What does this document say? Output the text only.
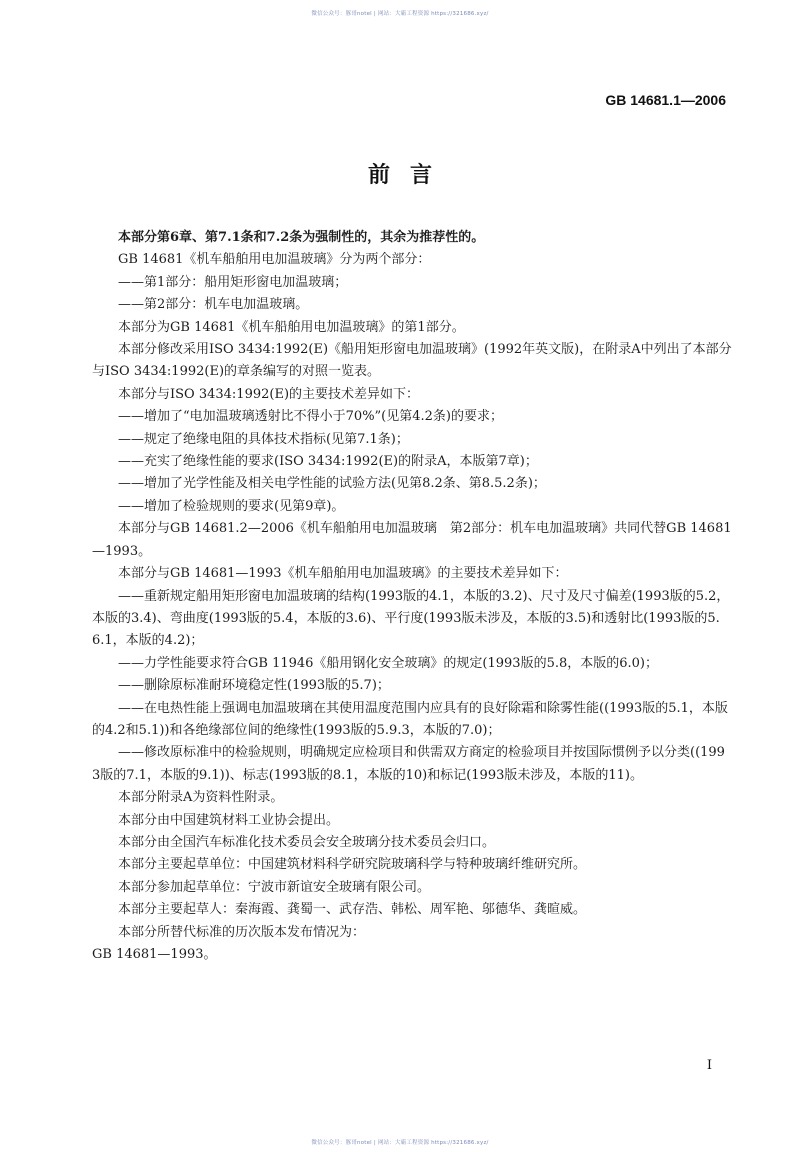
微信公众号：豚哥notel | 网站：大霸工程资源 https://321686.xyz/
GB 14681.1—2006
前言

本部分第6章、第7.1条和7.2条为强制性的，其余为推荐性的。

GB 14681《机车船舶用电加温玻璃》分为两个部分：

——第1部分：船用矩形窗电加温玻璃；

——第2部分：机车电加温玻璃。

本部分为GB 14681《机车船舶用电加温玻璃》的第1部分。

本部分修改采用ISO 3434:1992(E)《船用矩形窗电加温玻璃》(1992年英文版)，在附录A中列出了本部分与ISO 3434:1992(E)的章条编写的对照一览表。

本部分与ISO 3434:1992(E)的主要技术差异如下：

——增加了“电加温玻璃透射比不得小于70%”(见第4.2条)的要求；

——规定了绝缘电阻的具体技术指标(见第7.1条)；

——充实了绝缘性能的要求(ISO 3434:1992(E)的附录A，本版第7章)；

——增加了光学性能及相关电学性能的试验方法(见第8.2条、第8.5.2条)；

——增加了检验规则的要求(见第9章)。

本部分与GB 14681.2—2006《机车船舶用电加温玻璃　第2部分：机车电加温玻璃》共同代替GB 14681—1993。

本部分与GB 14681—1993《机车船舶用电加温玻璃》的主要技术差异如下：

——重新规定船用矩形窗电加温玻璃的结构(1993版的4.1，本版的3.2)、尺寸及尺寸偏差(1993版的5.2，本版的3.4)、弯曲度(1993版的5.4，本版的3.6)、平行度(1993版未涉及，本版的3.5)和透射比(1993版的5.6.1，本版的4.2)；

——力学性能要求符合GB 11946《船用钢化安全玻璃》的规定(1993版的5.8，本版的6.0)；

——删除原标准耐环境稳定性(1993版的5.7)；

——在电热性能上强调电加温玻璃在其使用温度范围内应具有的良好除霜和除雾性能((1993版的5.1，本版的4.2和5.1))和各绝缘部位间的绝缘性(1993版的5.9.3，本版的7.0)；

——修改原标准中的检验规则，明确规定应检项目和供需双方商定的检验项目并按国际惯例予以分类((1993版的7.1，本版的9.1))、标志(1993版的8.1，本版的10)和标记(1993版未涉及，本版的11)。

本部分附录A为资料性附录。

本部分由中国建筑材料工业协会提出。

本部分由全国汽车标准化技术委员会安全玻璃分技术委员会归口。

本部分主要起草单位：中国建筑材料科学研究院玻璃科学与特种玻璃纤维研究所。

本部分参加起草单位：宁波市新谊安全玻璃有限公司。

本部分主要起草人：秦海霞、龚蜀一、武存浩、韩松、周军艳、邬德华、龚暄威。

本部分所替代标准的历次版本发布情况为：

GB 14681—1993。

I
微信公众号：豚哥notel | 网站：大霸工程资源 https://321686.xyz/
